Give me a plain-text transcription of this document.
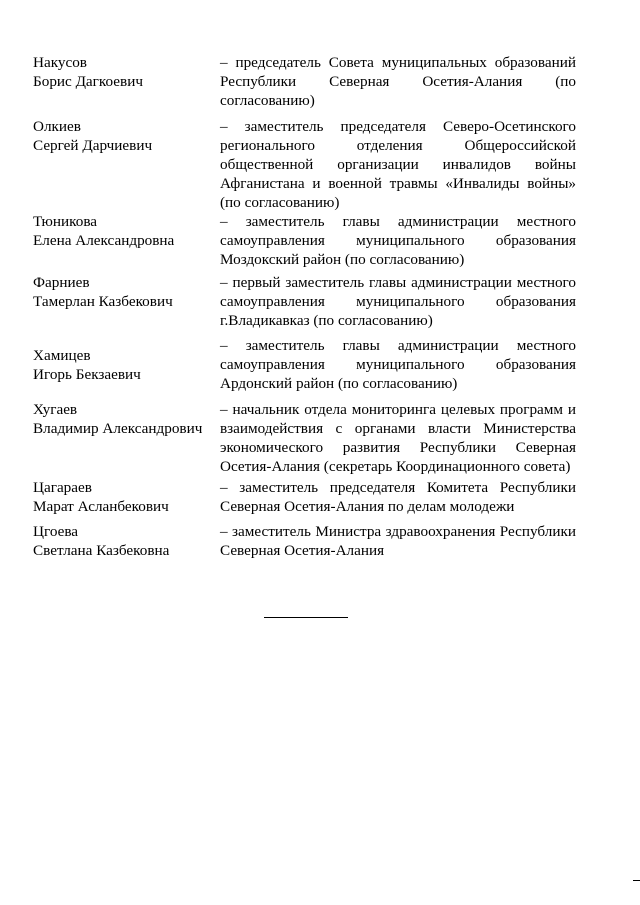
Накусов
Борис Дагкоевич
– председатель Совета муниципальных образований Республики Северная Осетия-Алания (по согласованию)
Олкиев
Сергей Дарчиевич
– заместитель председателя Северо-Осетинского регионального отделения Общероссийской общественной организации инвалидов войны Афганистана и военной травмы «Инвалиды войны» (по согласованию)
Тюникова
Елена Александровна
– заместитель главы администрации местного самоуправления муниципального образования Моздокский район (по согласованию)
Фарниев
Тамерлан Казбекович
– первый заместитель главы администрации местного самоуправления муниципального образования г.Владикавказ (по согласованию)
Хамицев
Игорь Бекзаевич
– заместитель главы администрации местного самоуправления муниципального образования Ардонский район (по согласованию)
Хугаев
Владимир Александрович
– начальник отдела мониторинга целевых программ и взаимодействия с органами власти Министерства экономического развития Республики Северная Осетия-Алания (секретарь Координационного совета)
Цагараев
Марат Асланбекович
– заместитель председателя Комитета Республики Северная Осетия-Алания по делам молодежи
Цгоева
Светлана Казбековна
– заместитель Министра здравоохранения Республики Северная Осетия-Алания
